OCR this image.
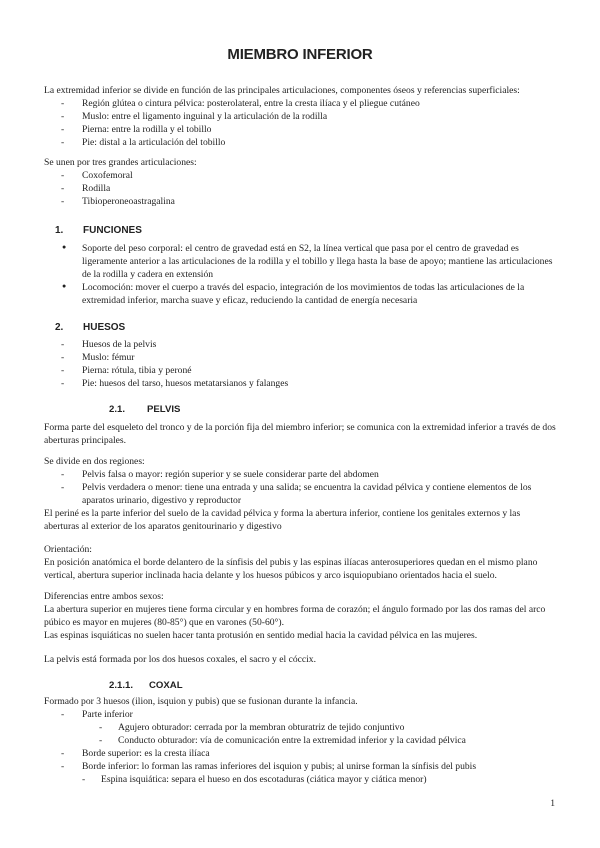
MIEMBRO INFERIOR

La extremidad inferior se divide en función de las principales articulaciones, componentes óseos y referencias superficiales:

- Región glútea o cintura pélvica: posterolateral, entre la cresta ilíaca y el pliegue cutáneo
- Muslo: entre el ligamento inguinal y la articulación de la rodilla
- Pierna: entre la rodilla y el tobillo
- Pie: distal a la articulación del tobillo

Se unen por tres grandes articulaciones:

- Coxofemoral
- Rodilla
- Tibioperoneoastragalina
1.	FUNCIONES
● Soporte del peso corporal: el centro de gravedad está en S2, la línea vertical que pasa por el centro de gravedad es ligeramente anterior a las articulaciones de la rodilla y el tobillo y llega hasta la base de apoyo; mantiene las articulaciones de la rodilla y cadera en extensión
● Locomoción: mover el cuerpo a través del espacio, integración de los movimientos de todas las articulaciones de la extremidad inferior, marcha suave y eficaz, reduciendo la cantidad de energía necesaria
2.	HUESOS
- Huesos de la pelvis
- Muslo: fémur
- Pierna: rótula, tibia y peroné
- Pie: huesos del tarso, huesos metatarsianos y falanges
2.1.	PELVIS

Forma parte del esqueleto del tronco y de la porción fija del miembro inferior; se comunica con la extremidad inferior a través de dos aberturas principales.

Se divide en dos regiones:

- Pelvis falsa o mayor: región superior y se suele considerar parte del abdomen
- Pelvis verdadera o menor: tiene una entrada y una salida; se encuentra la cavidad pélvica y contiene elementos de los aparatos urinario, digestivo y reproductor

El periné es la parte inferior del suelo de la cavidad pélvica y forma la abertura inferior, contiene los genitales externos y las aberturas al exterior de los aparatos genitourinario y digestivo

Orientación:

En posición anatómica el borde delantero de la sínfisis del pubis y las espinas ilíacas anterosuperiores quedan en el mismo plano vertical, abertura superior inclinada hacia delante y los huesos púbicos y arco isquiopubiano orientados hacia el suelo.

Diferencias entre ambos sexos:

La abertura superior en mujeres tiene forma circular y en hombres forma de corazón; el ángulo formado por las dos ramas del arco púbico es mayor en mujeres (80-85°) que en varones (50-60°).

Las espinas isquiáticas no suelen hacer tanta protusión en sentido medial hacia la cavidad pélvica en las mujeres.

La pelvis está formada por los dos huesos coxales, el sacro y el cóccix.

2.1.1.	COXAL

Formado por 3 huesos (ilion, isquion y pubis) que se fusionan durante la infancia.

- Parte inferior
- Agujero obturador: cerrada por la membran obturatriz de tejido conjuntivo
- Conducto obturador: vía de comunicación entre la extremidad inferior y la cavidad pélvica
- Borde superior: es la cresta ilíaca
- Borde inferior: lo forman las ramas inferiores del isquion y pubis; al unirse forman la sínfisis del pubis
- Espina isquiática: separa el hueso en dos escotaduras (ciática mayor y ciática menor)
1
